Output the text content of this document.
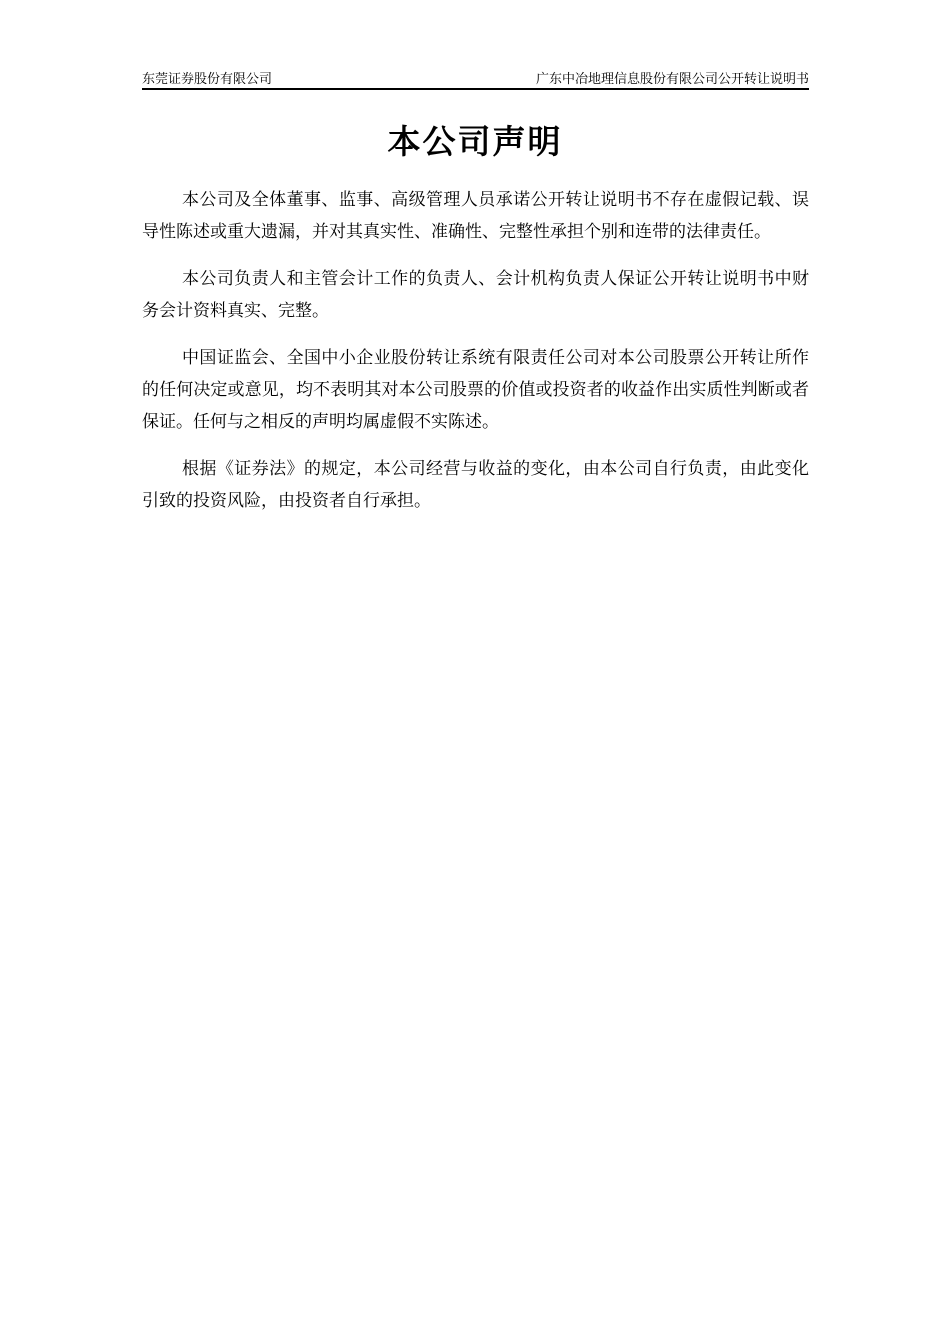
东莞证券股份有限公司	广东中冶地理信息股份有限公司公开转让说明书
本公司声明

本公司及全体董事、监事、高级管理人员承诺公开转让说明书不存在虚假记载、误导性陈述或重大遗漏，并对其真实性、准确性、完整性承担个别和连带的法律责任。

本公司负责人和主管会计工作的负责人、会计机构负责人保证公开转让说明书中财务会计资料真实、完整。

中国证监会、全国中小企业股份转让系统有限责任公司对本公司股票公开转让所作的任何决定或意见，均不表明其对本公司股票的价值或投资者的收益作出实质性判断或者保证。任何与之相反的声明均属虚假不实陈述。

根据《证券法》的规定，本公司经营与收益的变化，由本公司自行负责，由此变化引致的投资风险，由投资者自行承担。
